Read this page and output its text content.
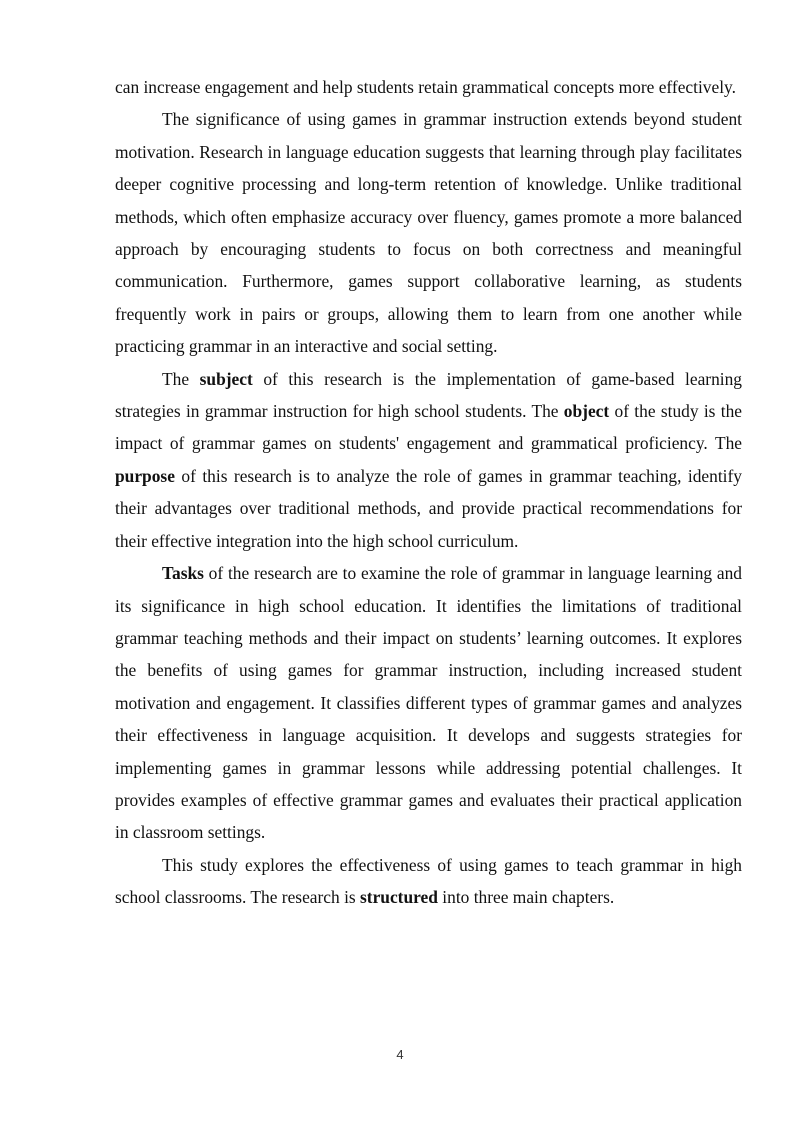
can increase engagement and help students retain grammatical concepts more effectively.

The significance of using games in grammar instruction extends beyond student motivation. Research in language education suggests that learning through play facilitates deeper cognitive processing and long-term retention of knowledge. Unlike traditional methods, which often emphasize accuracy over fluency, games promote a more balanced approach by encouraging students to focus on both correctness and meaningful communication. Furthermore, games support collaborative learning, as students frequently work in pairs or groups, allowing them to learn from one another while practicing grammar in an interactive and social setting.

The subject of this research is the implementation of game-based learning strategies in grammar instruction for high school students. The object of the study is the impact of grammar games on students' engagement and grammatical proficiency. The purpose of this research is to analyze the role of games in grammar teaching, identify their advantages over traditional methods, and provide practical recommendations for their effective integration into the high school curriculum.

Tasks of the research are to examine the role of grammar in language learning and its significance in high school education. It identifies the limitations of traditional grammar teaching methods and their impact on students’ learning outcomes. It explores the benefits of using games for grammar instruction, including increased student motivation and engagement. It classifies different types of grammar games and analyzes their effectiveness in language acquisition. It develops and suggests strategies for implementing games in grammar lessons while addressing potential challenges. It provides examples of effective grammar games and evaluates their practical application in classroom settings.

This study explores the effectiveness of using games to teach grammar in high school classrooms. The research is structured into three main chapters.

4
